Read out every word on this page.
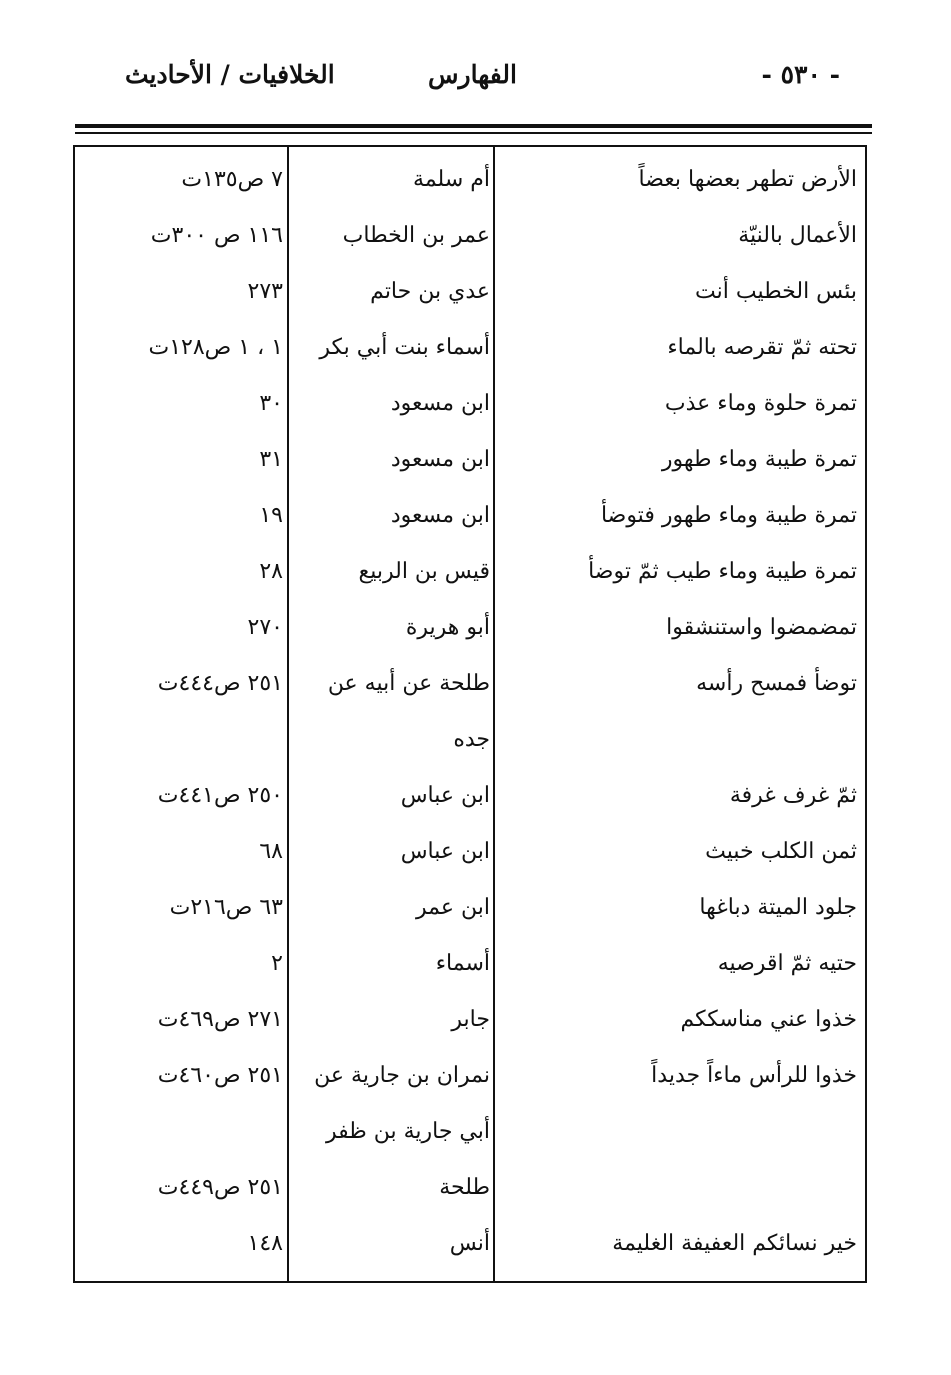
- ٥٣٠ -
الفهارس
الخلافيات / الأحاديث
الأرض تطهر بعضها بعضاً
أم سلمة
٧ ص١٣٥ت
الأعمال بالنيّة
عمر بن الخطاب
١١٦ ص ٣٠٠ت
بئس الخطيب أنت
عدي بن حاتم
٢٧٣
تحته ثمّ تقرصه بالماء
أسماء بنت أبي بكر
١ ، ١ ص١٢٨ت
تمرة حلوة وماء عذب
ابن مسعود
٣٠
تمرة طيبة وماء طهور
ابن مسعود
٣١
تمرة طيبة وماء طهور فتوضأ
ابن مسعود
١٩
تمرة طيبة وماء طيب ثمّ توضأ
قيس بن الربيع
٢٨
تمضمضوا واستنشقوا
أبو هريرة
٢٧٠
توضأ فمسح رأسه
طلحة عن أبيه عن
٢٥١ ص٤٤٤ت
جده
ثمّ غرف غرفة
ابن عباس
٢٥٠ ص٤٤١ت
ثمن الكلب خبيث
ابن عباس
٦٨
جلود الميتة دباغها
ابن عمر
٦٣ ص٢١٦ت
حتيه ثمّ اقرصيه
أسماء
٢
خذوا عني مناسككم
جابر
٢٧١ ص٤٦٩ت
خذوا للرأس ماءاً جديداً
نمران بن جارية عن
٢٥١ ص٤٦٠ت
أبي جارية بن ظفر
طلحة
٢٥١ ص٤٤٩ت
خير نسائكم العفيفة الغليمة
أنس
١٤٨
